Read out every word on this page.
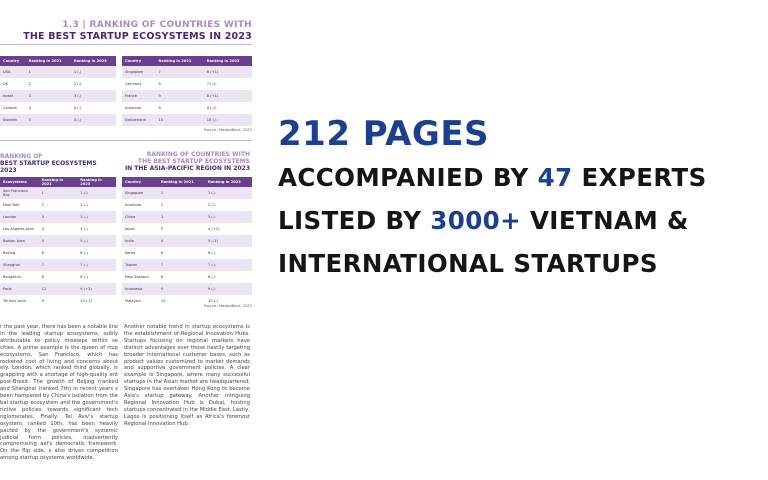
1.3 | RANKING OF COUNTRIES WITH
THE BEST STARTUP ECOSYSTEMS IN 2023
Country	Ranking in 2021	Ranking in 2023
USA	1	1 (-)
UK	2	2 (-)
Israel	3	3 (-)
Canada	4	4 (-)
Sweden	5	5 (-)
Country	Ranking in 2021	Ranking in 2023
Singapore	7	6 (+1)
Germany	6	7 (-1)
France	9	8 (+1)
Australia	8	9 (-1)
Switzerland	10	10 (-)
Source: StartupBlink, 2023
RANKING OF
BEST STARTUP ECOSYSTEMS
2023
RANKING OF COUNTRIES WITH
THE BEST STARTUP ECOSYSTEMS
IN THE ASIA-PACIFIC REGION IN 2023
Ecosystems	Ranking in 2021	Ranking in 2023
San Francisco Bay	1	1 (-)
New York	2	2 (-)
London	3	3 (-)
Los Angeles Area	4	4 (-)
Boston Area	5	5 (-)
Beijing	6	6 (-)
Shanghai	7	7 (-)
Bengaluru	8	8 (-)
Paris	11	9 (+2)
Tel Aviv Area	9	10 (-1)
Country	Ranking in 2021	Ranking in 2023
Singapore	1	1 (-)
Australia	2	2 (-)
China	3	3 (-)
Japan	5	4 (+1)
India	4	5 (-1)
Korea	6	6 (-)
Taiwan	7	7 (-)
New Zealand	8	8 (-)
Indonesia	9	9 (-)
Malaysia	10	10 (-)
Source: StartupBlink, 2023
r the past year, there has been a notable line in the leading startup ecosystems, ssibly attributable to policy missteps within se cities. A prime example is the queen of rtup ecosystems, San Francisco, which has rocketed cost of living and concerns about ety. London, which ranked third globally, is grappling with a shortage of high-quality ent post-Brexit. The growth of Beijing (ranked and Shanghai (ranked 7th) in recent years s been hampered by China's isolation from the bal startup ecosystem and the government's rictive policies towards significant tech nglomerates. Finally, Tel Aviv's startup osystem, ranked 10th, has been heavily pacted by the government's systemic judicial form policies, inadvertently compromising ael's democratic framework. On the flip side, s also drives competition among startup osystems worldwide.
Another notable trend in startup ecosystems is the establishment of Regional Innovation Hubs. Startups focusing on regional markets have distinct advantages over those hastily targeting broader international customer bases, such as product values customized to market demands and supportive government policies. A clear example is Singapore, where many successful startups in the Asian market are headquartered; Singapore has overtaken Hong Kong to become Asia's startup gateway. Another intriguing Regional Innovation Hub is Dubai, hosting startups concentrated in the Middle East. Lastly, Lagos is positioning itself as Africa's foremost Regional Innovation Hub.
212 PAGES
ACCOMPANIED BY 47 EXPERTS
LISTED BY 3000+ VIETNAM &
INTERNATIONAL STARTUPS
